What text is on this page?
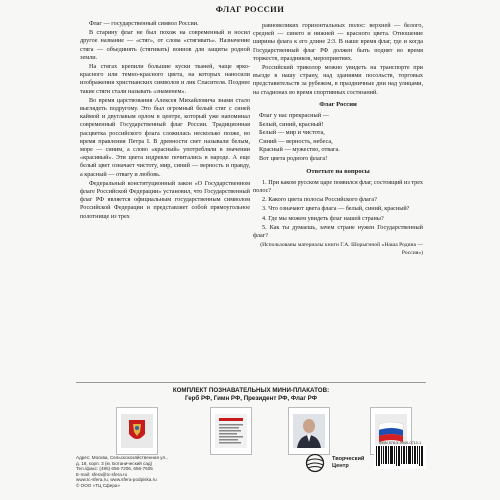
ФЛАГ РОССИИ

Флаг — государственный символ России.

В старину флаг не был похож на современный и носил другое название — «стяг», от слова «стягивать». Назначение стяга — объединять (стягивать) воинов для защиты родной земли.

На стягах крепили большие куски тканей, чаще ярко-красного или темно-красного цвета, на которых наносили изображения христианских символов и лик Спасителя. Позднее такие стяги стали называть «знаменем».

Во время царствования Алексея Михайловича знамя стало выглядеть подругому. Это был огромный белый стяг с синей каймой и двуглавым орлом в центре, который уже напоминал современный Государственный флаг России. Традиционная расцветка российского флага сложилась несколько позже, во время правления Петра I. В древности свет называли белым, море — синим, а слово «красный» употребляли в значении «красивый». Эти цвета издревле почитались в народе. А еще белый цвет означает чистоту, мир, синий — верность и правду, а красный — отвагу и любовь.

Федеральный конституционный закон «О Государственном флаге Российской Федерации» установил, что Государственный флаг РФ является официальным государственным символом Российской Федерации и представляет собой прямоугольное полотнище из трех

равновеликих горизонтальных полос: верхней — белого, средней — синего и нижней — красного цвета. Отношение ширины флага к его длине 2:3. В наше время флаг, где и когда Государственный флаг РФ должен быть поднят во время торжеств, праздников, мероприятиях.

Российский триколор можно увидеть на транспорте при въезде в нашу страну, над зданиями посольств, торговых представительств за рубежом, в праздничные дни над улицами, на стадионах во время спортивных состязаний.

Флаг России
Флаг у нас прекрасный —
Белый, синий, красный!
Белый — мир и чистота,
Синий — верность, небеса,
Красный — мужество, отвага.
Вот цвета родного флага!
Ответьте на вопросы

1. При каком русском царе появился флаг, состоящий из трех полос?

2. Какого цвета полосы Российского флага?

3. Что означают цвета флага — белый, синий, красный?

4. Где мы можем увидеть флаг нашей страны?

5. Как ты думаешь, зачем стране нужен Государственный флаг?

(Использованы материалы книги Г.А. Шорыгиной «Наша Родина — Россия»)
КОМПЛЕКТ ПОЗНАВАТЕЛЬНЫХ МИНИ-ПЛАКАТОВ:
Герб РФ, Гимн РФ, Президент РФ, Флаг РФ
Адрес: Москва, Сельскохозяйственная ул.,
д. 18, корп. 3 (м. Ботанический сад)
Тел./факс: (495) 656-7206, 656-7505
E-mail: sfera@tc-sfera.ru
www.tc-sfera.ru, www.sfera-podpiska.ru
© ООО «ТЦ Сфера»
Творческий
Центр
ISBN 978-5-9949-0710-1
